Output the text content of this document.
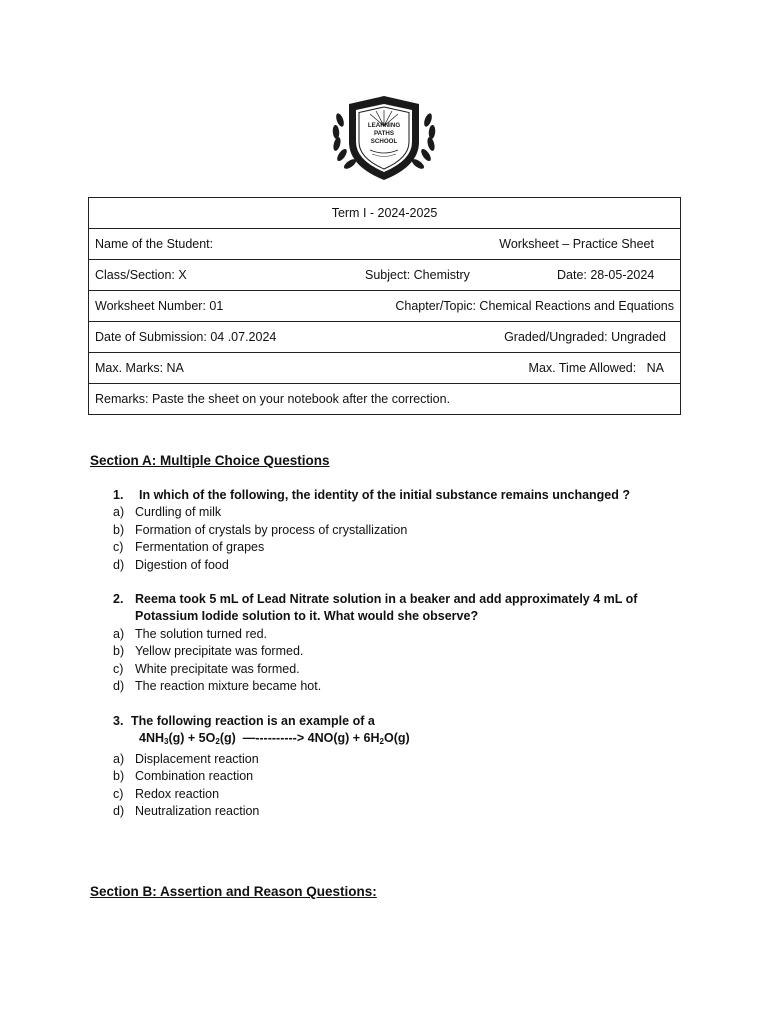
LEARNING
PATHS
SCHOOL
Term I - 2024-2025

Name of the Student:	Worksheet – Practice Sheet

Class/Section: X	Subject: Chemistry	Date: 28-05-2024

Worksheet Number: 01	Chapter/Topic: Chemical Reactions and Equations

Date of Submission: 04 .07.2024	Graded/Ungraded: Ungraded

Max. Marks: NA	Max. Time Allowed:   NA

Remarks: Paste the sheet on your notebook after the correction.
Section A: Multiple Choice Questions
1.	In which of the following, the identity of the initial substance remains unchanged ?
a) Curdling of milk
b) Formation of crystals by process of crystallization
c) Fermentation of grapes
d) Digestion of food
2. Reema took 5 mL of Lead Nitrate solution in a beaker and add approximately 4 mL of
Potassium Iodide solution to it. What would she observe?
a) The solution turned red.
b) Yellow precipitate was formed.
c) White precipitate was formed.
d) The reaction mixture became hot.
3. The following reaction is an example of a
$4NH_3(g) + 5O_2(g)$  —----------> $4NO(g) + 6H_2O(g)$
a) Displacement reaction
b) Combination reaction
c) Redox reaction
d) Neutralization reaction
Section B: Assertion and Reason Questions:
